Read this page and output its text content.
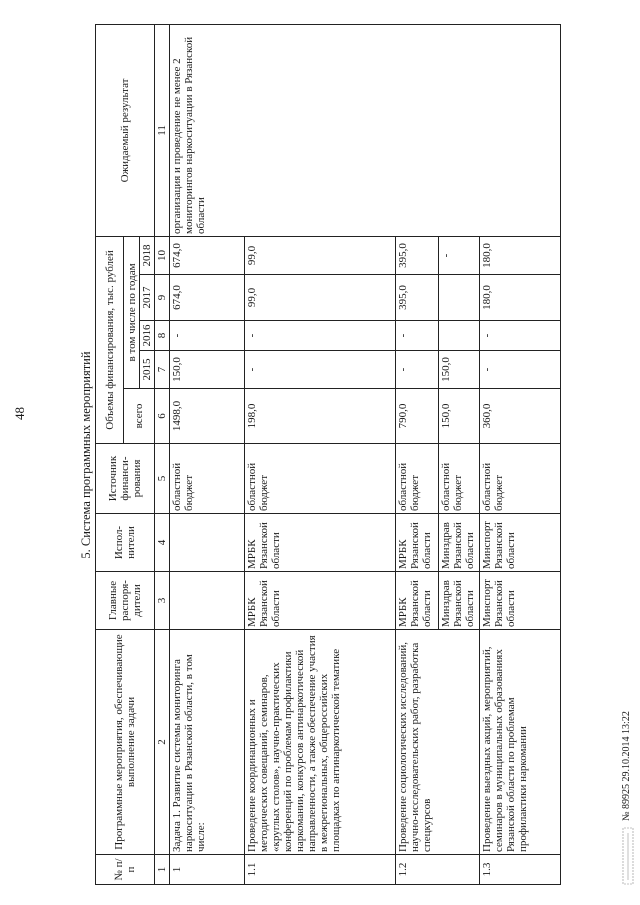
48	5. Система программных мероприятий
№ п/п	Программные мероприятия, обеспечивающие выполнение задачи	Главные распоря-дители	Испол-нители	Источник финанси-рования	Объемы финансирования, тыс. рублей					Ожидаемый результат
					всего	в том числе по годам				
						2015	2016	2017	2018	
1	2	3	4	5	6	7	8	9	10	11
1	Задача 1. Развитие системы мониторинга наркоситуации в Рязанской области, в том числе:			областной бюджет	1498,0	150,0	-	674,0	674,0	организация и проведение не менее 2 мониторингов наркоситуации в Рязанской области
1.1	Проведение координационных и методических совещаний, семинаров, «круглых столов», научно-практических конференций по проблемам профилактики наркомании, конкурсов антинаркотической направленности, а также обеспечение участия в межрегиональных, общероссийских площадках по антинаркотической тематике	МРБК Рязанской области	МРБК Рязанской области	областной бюджет	198,0	-	-	99,0	99,0	
1.2	Проведение социологических исследований, научно-исследовательских работ, разработка спецкурсов	МРБК Рязанской области	МРБК Рязанской области	областной бюджет	790,0	-	-	395,0	395,0	
		Минздрав Рязанской области	Минздрав Рязанской области	областной бюджет	150,0	150,0			-	
1.3	Проведение выездных акций, мероприятий, семинаров в муниципальных образованиях Рязанской области по проблемам профилактики наркомании	Минспорт Рязанской области	Минспорт Рязанской области	областной бюджет	360,0	-	-	180,0	180,0	
№ 89925 29.10.2014 13:22
